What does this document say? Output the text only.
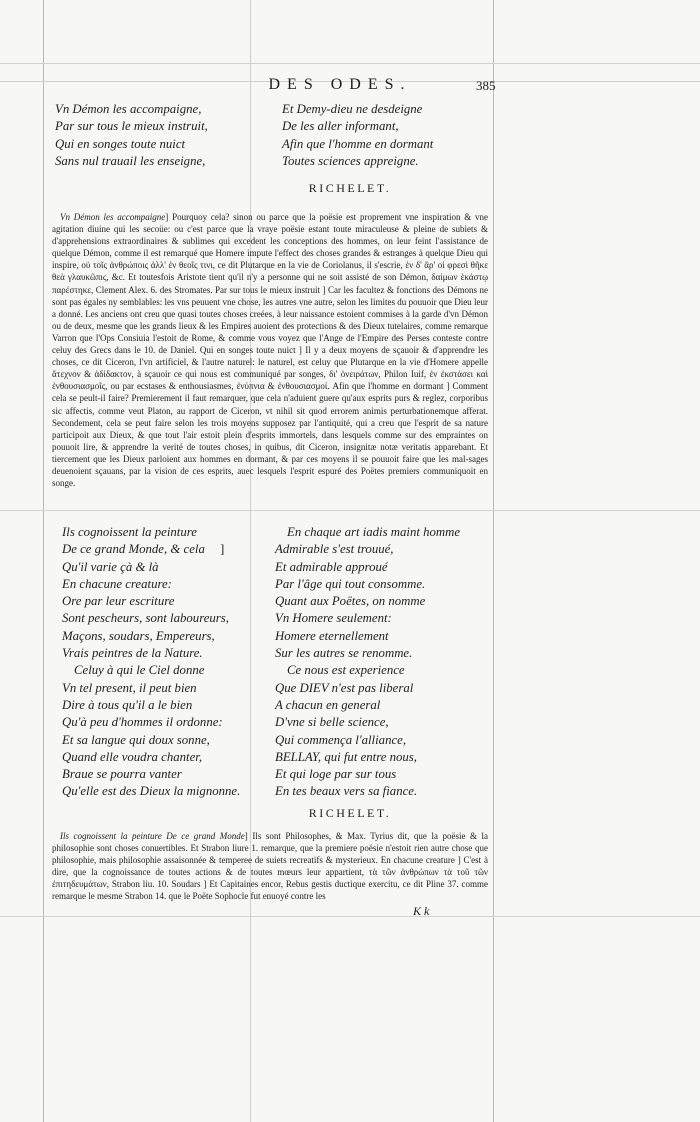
DES ODES.	385
Vn Démon les accompaigne,
Par sur tous le mieux instruit,
Qui en songes toute nuict
Sans nul trauail les enseigne,
Et Demy-dieu ne desdeigne
De les aller informant,
Afin que l'homme en dormant
Toutes sciences appreigne.
RICHELET.

Vn Démon les accompaigne] Pourquoy cela? sinon ou parce que la poësie est proprement vne inspiration & vne agitation diuine qui les secoüe: ou c'est parce que la vraye poësie estant toute miraculeuse & pleine de subiets & d'apprehensions extraordinaires & sublimes qui excedent les conceptions des hommes, on leur feint l'assistance de quelque Démon, comme il est remarqué que Homere impute l'effect des choses grandes & estranges à quelque Dieu qui inspire, οὐ τοῖς ἀνθρώποις ἀλλ' ἐν θεοῖς τινι, ce dit Plutarque en la vie de Coriolanus, il s'escrie, ἐν δ' ἄρ' οἱ φρεσὶ θῆκε θεὰ γλαυκῶπις, &c. Et toutesfois Aristote tient qu'il n'y a personne qui ne soit assisté de son Démon, δαίμων ἑκάστῳ παρέστηκε, Clement Alex. 6. des Stromates. Par sur tous le mieux instruit ] Car les facultez & fonctions des Démons ne sont pas égales ny semblables: les vns peuuent vne chose, les autres vne autre, selon les limites du pouuoir que Dieu leur a donné. Les anciens ont creu que quasi toutes choses creées, à leur naissance estoient commises à la garde d'vn Démon ou de deux, mesme que les grands lieux & les Empires auoient des protections & des Dieux tutelaires, comme remarque Varron que l'Ops Consiuia l'estoit de Rome, & comme vous voyez que l'Ange de l'Empire des Perses conteste contre celuy des Grecs dans le 10. de Daniel. Qui en songes toute nuict ] Il y a deux moyens de sçauoir & d'apprendre les choses, ce dit Ciceron, l'vn artificiel, & l'autre naturel: le naturel, est celuy que Plutarque en la vie d'Homere appelle ἄτεχνον & ἀδίδακτον, à sçauoir ce qui nous est communiqué par songes, δι' ὀνειράτων, Philon Iuif, ἐν ἐκστάσει καὶ ἐνθουσιασμοῖς, ou par ecstases & enthousiasmes, ἐνύπνια & ἐνθουσιασμοί. Afin que l'homme en dormant ] Comment cela se peult-il faire? Premierement il faut remarquer, que cela n'aduient guere qu'aux esprits purs & reglez, corporibus sic affectis, comme veut Platon, au rapport de Ciceron, vt nihil sit quod errorem animis perturbationemque afferat. Secondement, cela se peut faire selon les trois moyens supposez par l'antiquité, qui a creu que l'esprit de sa nature participoit aux Dieux, & que tout l'air estoit plein d'esprits immortels, dans lesquels comme sur des empraintes on pouuoit lire, & apprendre la verité de toutes choses, in quibus, dit Ciceron, insignitæ notæ veritatis apparebant. Et tiercement que les Dieux parloient aux hommes en dormant, & par ces moyens il se pouuoit faire que les mal-sages deuenoient sçauans, par la vision de ces esprits, auec lesquels l'esprit espuré des Poëtes premiers communiquoit en songe.

Ils cognoissent la peinture
De ce grand Monde, & cela
Qu'il varie çà & là
En chacune creature:
Ore par leur escriture
Sont pescheurs, sont laboureurs,
Maçons, soudars, Empereurs,
Vrais peintres de la Nature.
Celuy à qui le Ciel donne
Vn tel present, il peut bien
Dire à tous qu'il a le bien
Qu'à peu d'hommes il ordonne:
Et sa langue qui doux sonne,
Quand elle voudra chanter,
Braue se pourra vanter
Qu'elle est des Dieux la mignonne.
]
En chaque art iadis maint homme
Admirable s'est trouué,
Et admirable approué
Par l'âge qui tout consomme.
Quant aux Poëtes, on nomme
Vn Homere seulement:
Homere eternellement
Sur les autres se renomme.
Ce nous est experience
Que DIEV n'est pas liberal
A chacun en general
D'vne si belle science,
Qui commença l'alliance,
BELLAY, qui fut entre nous,
Et qui loge par sur tous
En tes beaux vers sa fiance.
RICHELET.

Ils cognoissent la peinture De ce grand Monde] Ils sont Philosophes, & Max. Tyrius dit, que la poësie & la philosophie sont choses conuertibles. Et Strabon liure 1. remarque, que la premiere poësie n'estoit rien autre chose que philosophie, mais philosophie assaisonnée & temperee de suiets recreatifs & mysterieux. En chacune creature ] C'est à dire, que la cognoissance de toutes actions & de toutes mœurs leur appartient, τὰ τῶν ἀνθρώπων τὰ τοῦ τῶν ἐπιτηδευμάτων, Strabon liu. 10. Soudars ] Et Capitaines encor, Rebus gestis ductique exercitu, ce dit Pline 37. comme remarque le mesme Strabon 14. que le Poëte Sophocle fut enuoyé contre les

K k
